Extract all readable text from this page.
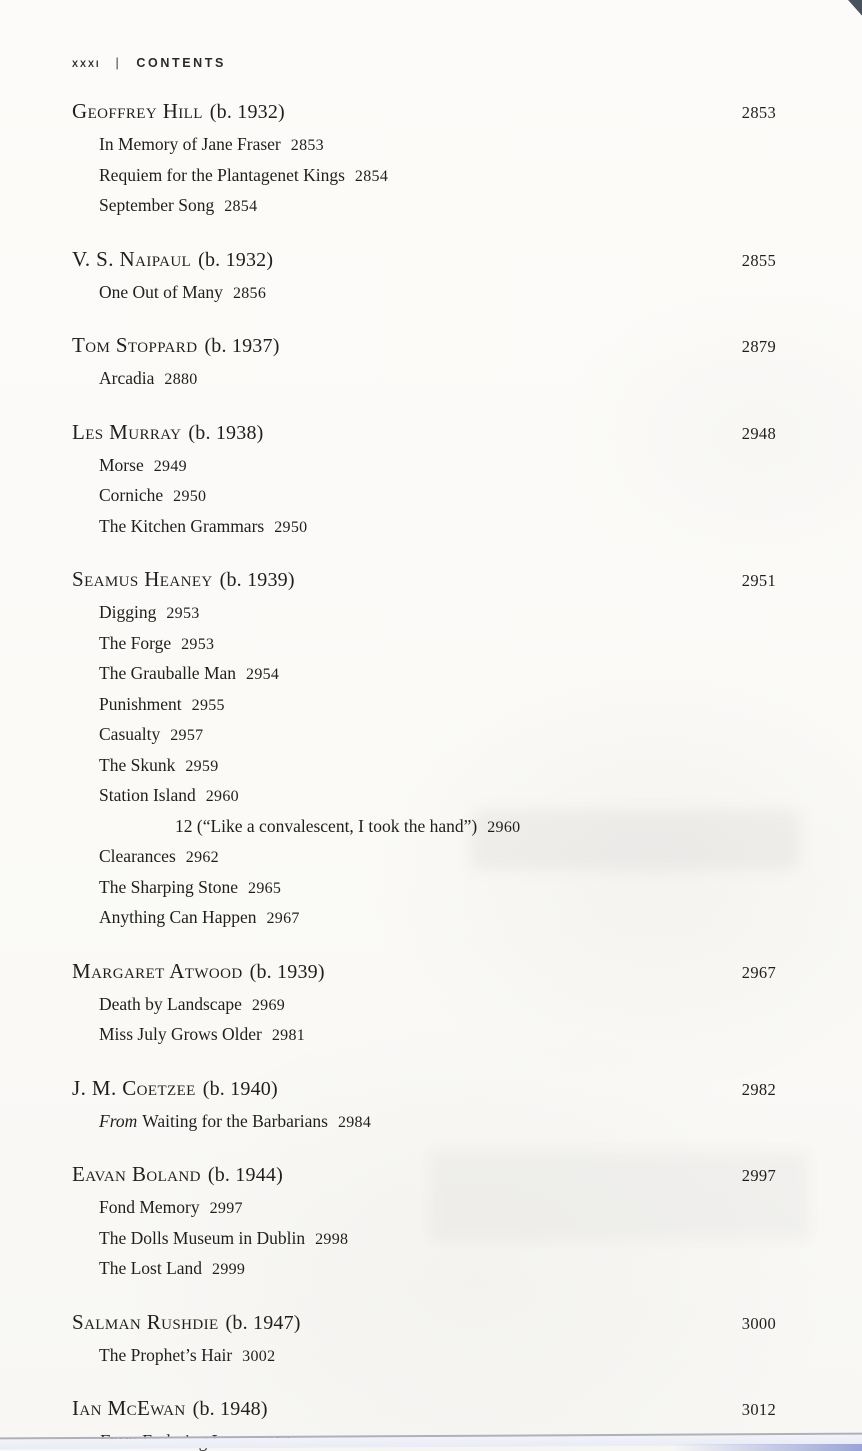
xxxi | CONTENTS
Geoffrey Hill (b. 1932)	2853
In Memory of Jane Fraser 2853
Requiem for the Plantagenet Kings 2854
September Song 2854
V. S. Naipaul (b. 1932)	2855
One Out of Many 2856
Tom Stoppard (b. 1937)	2879
Arcadia 2880
Les Murray (b. 1938)	2948
Morse 2949
Corniche 2950
The Kitchen Grammars 2950
Seamus Heaney (b. 1939)	2951
Digging 2953
The Forge 2953
The Grauballe Man 2954
Punishment 2955
Casualty 2957
The Skunk 2959
Station Island 2960
12 (“Like a convalescent, I took the hand”) 2960
Clearances 2962
The Sharping Stone 2965
Anything Can Happen 2967
Margaret Atwood (b. 1939)	2967
Death by Landscape 2969
Miss July Grows Older 2981
J. M. Coetzee (b. 1940)	2982
From Waiting for the Barbarians 2984
Eavan Boland (b. 1944)	2997
Fond Memory 2997
The Dolls Museum in Dublin 2998
The Lost Land 2999
Salman Rushdie (b. 1947)	3000
The Prophet’s Hair 3002
Ian McEwan (b. 1948)	3012
